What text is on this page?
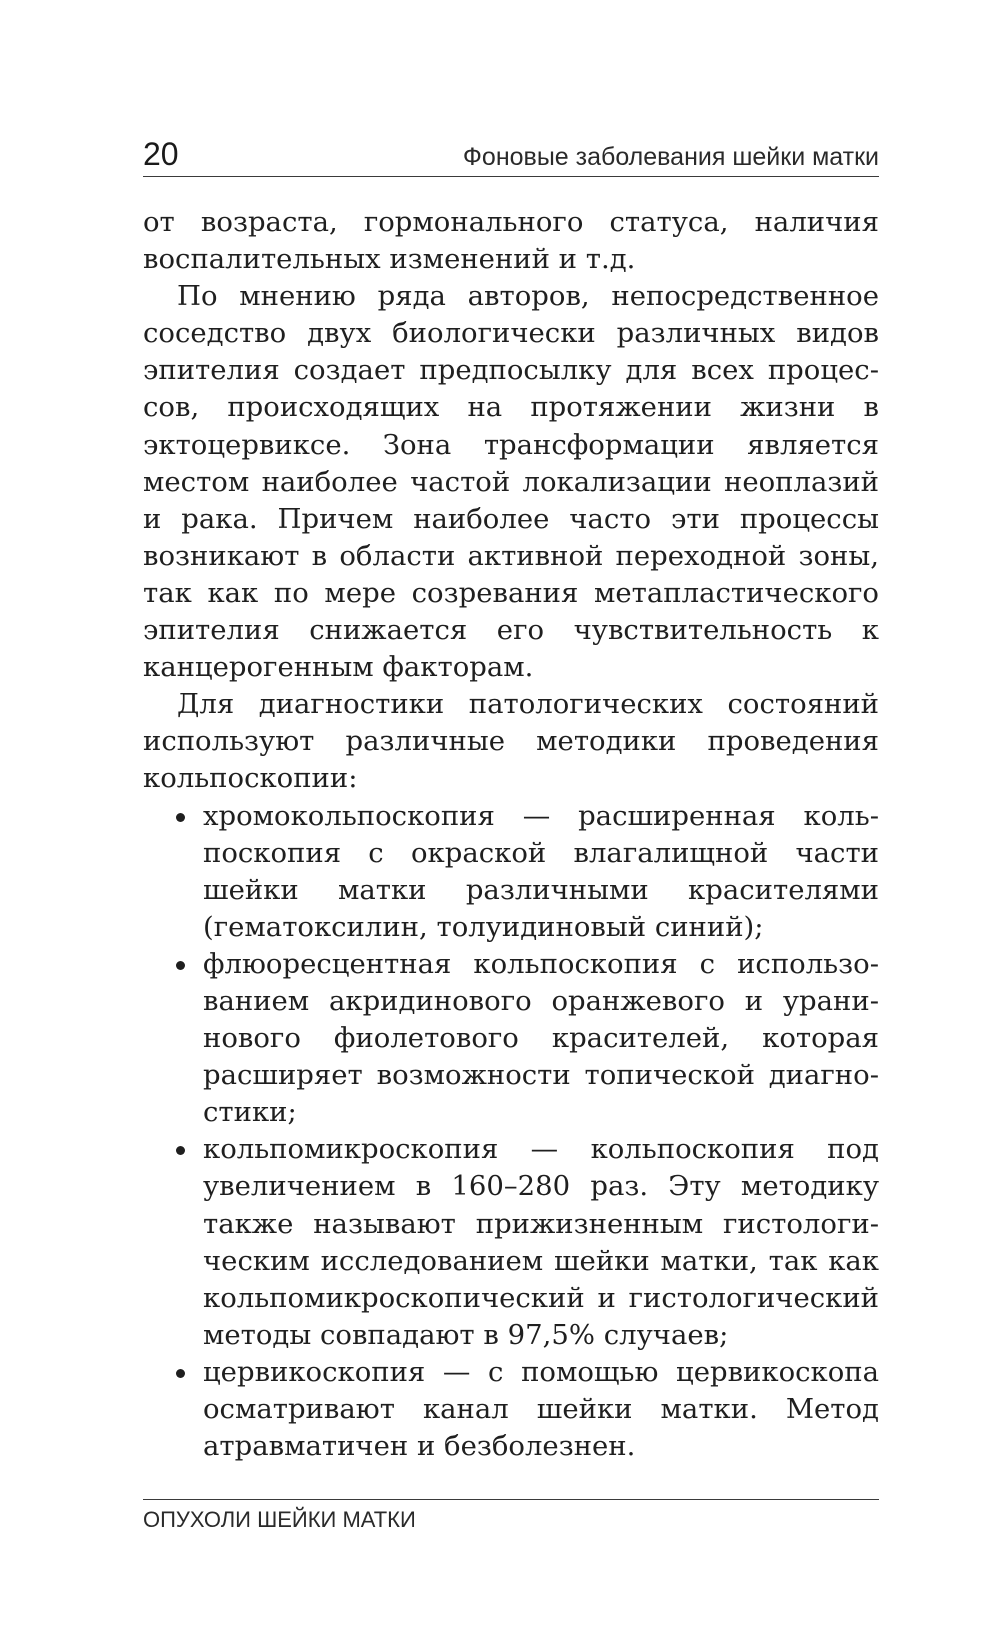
20	Фоновые заболевания шейки матки

от возраста, гормонального статуса, наличия воспалительных изменений и т.д.

По мнению ряда авторов, непосредственное соседство двух биологически различных видов эпителия создает предпосылку для всех процессов, происходящих на протяжении жизни в эктоцервиксе. Зона трансформации является местом наиболее частой локализации неоплазий и рака. Причем наиболее часто эти процессы возникают в области активной переходной зоны, так как по мере созревания метапластического эпителия снижается его чувствительность к канцерогенным факторам.

Для диагностики патологических состояний используют различные методики проведения кольпоскопии:

хромокольпоскопия — расширенная кольпоскопия с окраской влагалищной части шейки матки различными красителями (гематоксилин, толуидиновый синий);
флюоресцентная кольпоскопия с использованием акридинового оранжевого и уранинового фиолетового красителей, которая расширяет возможности топической диагностики;
кольпомикроскопия — кольпоскопия под увеличением в 160–280 раз. Эту методику также называют прижизненным гистологическим исследованием шейки матки, так как кольпомикроскопический и гистологический методы совпадают в 97,5% случаев;
цервикоскопия — с помощью цервикоскопа осматривают канал шейки матки. Метод атравматичен и безболезнен.
ОПУХОЛИ ШЕЙКИ МАТКИ
